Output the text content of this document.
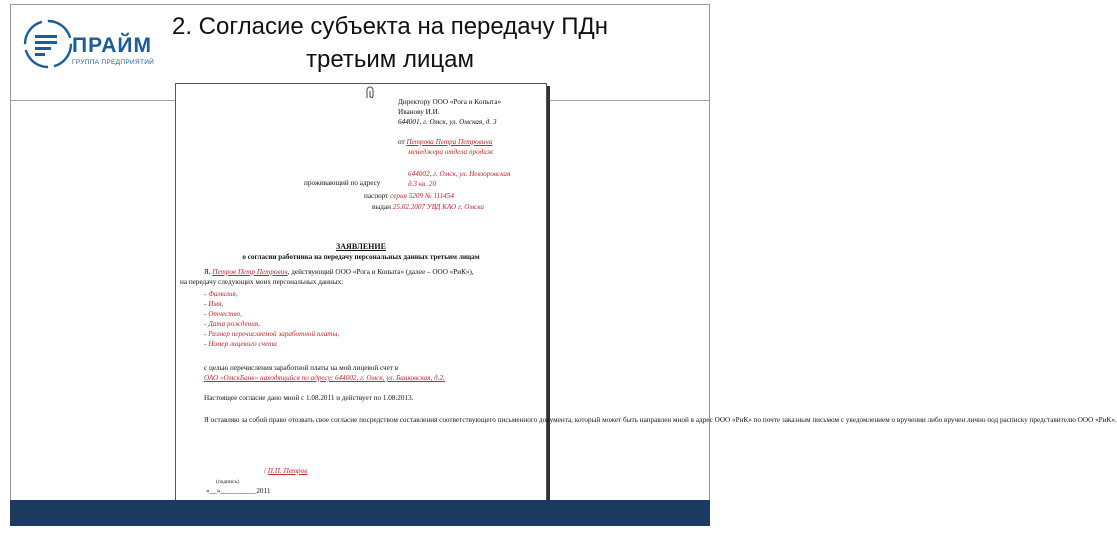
ПРАЙМ
ГРУППА ПРЕДПРИЯТИЙ
2. Согласие субъекта на передачу ПДн
третьим лицам
Директору ООО «Рога и Копыта»
Иванову И.И.
644001, г. Омск, ул. Омская, д. 3
от Петрова Петра Петровича
менеджера отдела продаж
644002, г. Омск, ул. Невзоровская
проживающий по адресу	д.3 кв. 20
паспорт серия 5209 № 111454
выдан 25.02.2007 УВД КАО г. Омска
ЗАЯВЛЕНИЕ
о согласии работника на передачу персональных данных третьим лицам
Я, Петров Петр Петрович, действующий ООО «Рога и Копыта» (далее – ООО «РиК»),
на передачу следующих моих персональных данных:
- Фамилия,
- Имя,
- Отчество,
- Дата рождения,
- Размер перечисляемой заработной платы,
- Номер лицевого счета
с целью перечисления заработной платы на мой лицевой счет в
ОАО «ОмскБанк» находящийся по адресу: 644002, г. Омск, ул. Банковская, д.2.
Настоящее согласие дано мной с 1.08.2011 и действует по 1.08.2013.
Я оставляю за собой право отозвать свое согласие посредством составления соответствующего письменного документа, который может быть направлен мной в адрес ООО «РиК» по почте заказным письмом с уведомлением о вручении либо вручен лично под расписку представителю ООО «РиК».
/ П.П. Петров
(подпись)
«__»__________2011
